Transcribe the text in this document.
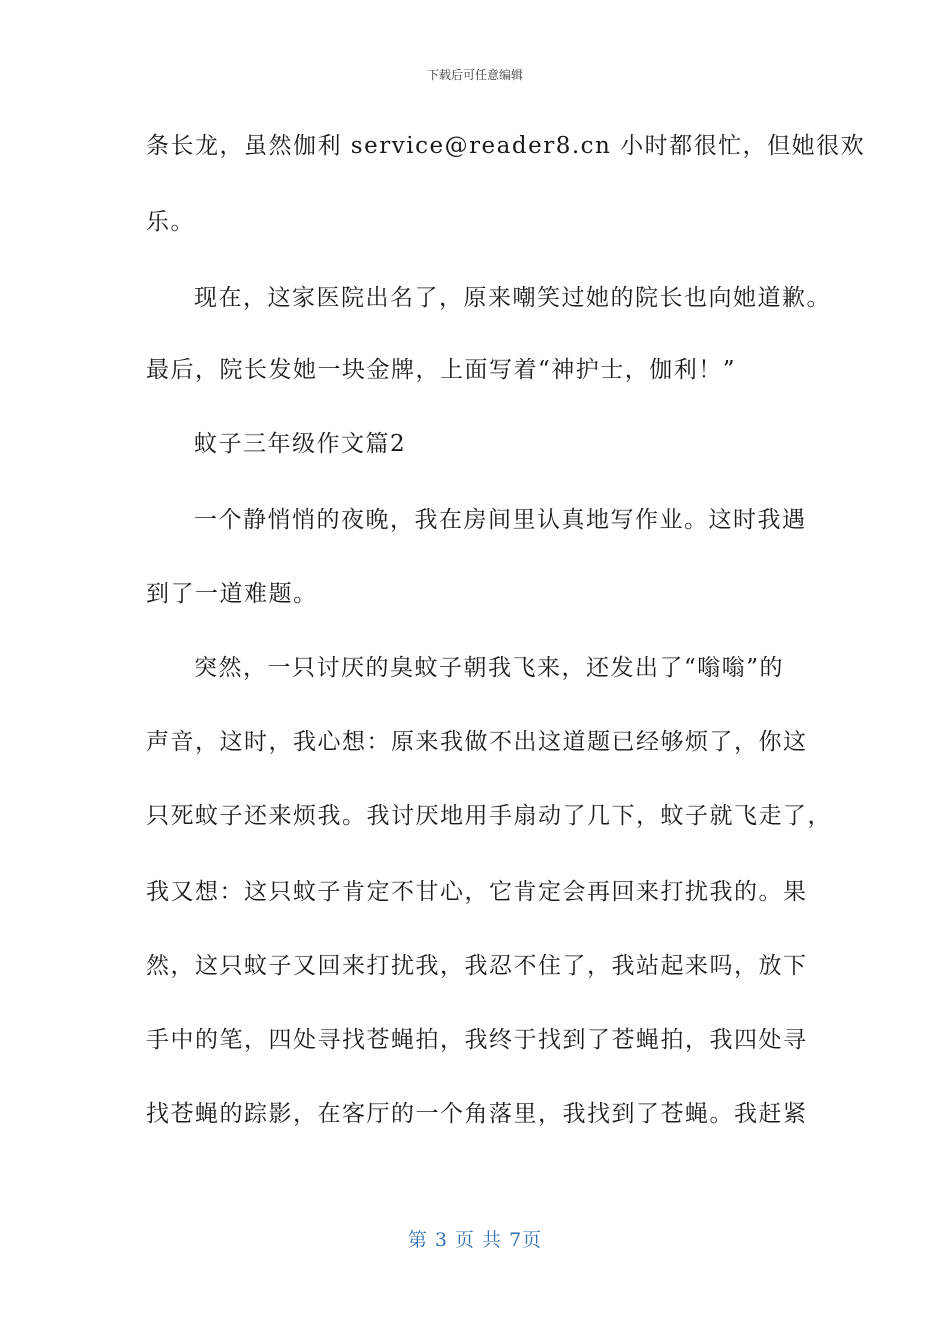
下载后可任意编辑
条长龙，虽然伽利 service@reader8.cn 小时都很忙，但她很欢
乐。
现在，这家医院出名了，原来嘲笑过她的院长也向她道歉。
最后，院长发她一块金牌，上面写着“神护士，伽利！”
蚊子三年级作文篇2
一个静悄悄的夜晚，我在房间里认真地写作业。这时我遇
到了一道难题。
突然，一只讨厌的臭蚊子朝我飞来，还发出了“嗡嗡”的
声音，这时，我心想：原来我做不出这道题已经够烦了，你这
只死蚊子还来烦我。我讨厌地用手扇动了几下，蚊子就飞走了，
我又想：这只蚊子肯定不甘心，它肯定会再回来打扰我的。果
然，这只蚊子又回来打扰我，我忍不住了，我站起来吗，放下
手中的笔，四处寻找苍蝇拍，我终于找到了苍蝇拍，我四处寻
找苍蝇的踪影，在客厅的一个角落里，我找到了苍蝇。我赶紧
第 3 页 共 7页
